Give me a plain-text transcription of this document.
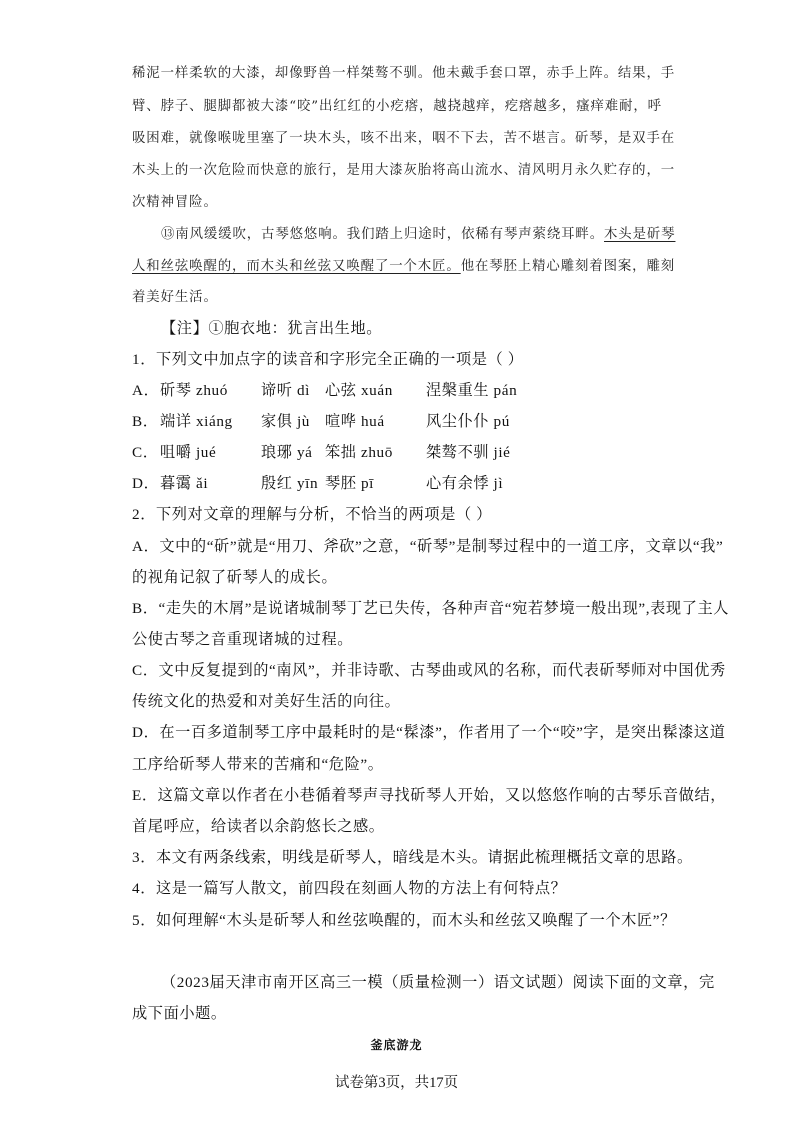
稀泥一样柔软的大漆，却像野兽一样桀骜不驯。他未戴手套口罩，赤手上阵。结果，手
臂、脖子、腿脚都被大漆“咬”出红红的小疙瘩，越挠越痒，疙瘩越多，瘙痒难耐，呼
吸困难，就像喉咙里塞了一块木头，咳不出来，咽不下去，苦不堪言。斫琴，是双手在
木头上的一次危险而快意的旅行，是用大漆灰胎将高山流水、清风明月永久贮存的，一
次精神冒险。
⑬南风缓缓吹，古琴悠悠响。我们踏上归途时，依稀有琴声萦绕耳畔。木头是斫琴
人和丝弦唤醒的，而木头和丝弦又唤醒了一个木匠。他在琴胚上精心雕刻着图案，雕刻
着美好生活。
【注】①胞衣地：犹言出生地。
1．下列文中加点字的读音和字形完全正确的一项是（ ）
A．斫琴 zhuó 谛听 dì 心弦 xuán 涅槃重生 pán
B．端详 xiáng 家俱 jù 喧哗 huá	风尘仆仆 pú
C．咀嚼 jué	琅琊 yá 笨拙 zhuō 桀骜不驯 jié
D．暮霭 ǎi	殷红 yīn 琴胚 pī	心有余悸 jì
2．下列对文章的理解与分析，不恰当的两项是（ ）
A．文中的“斫”就是“用刀、斧砍”之意，“斫琴”是制琴过程中的一道工序，文章以“我”
的视角记叙了斫琴人的成长。
B．“走失的木屑”是说诸城制琴丁艺已失传，各种声音“宛若梦境一般出现”,表现了主人
公使古琴之音重现诸城的过程。
C．文中反复提到的“南风”，并非诗歌、古琴曲或风的名称，而代表斫琴师对中国优秀
传统文化的热爱和对美好生活的向往。
D．在一百多道制琴工序中最耗时的是“髹漆”，作者用了一个“咬”字，是突出髹漆这道
工序给斫琴人带来的苦痛和“危险”。
E．这篇文章以作者在小巷循着琴声寻找斫琴人开始，又以悠悠作响的古琴乐音做结，
首尾呼应，给读者以余韵悠长之感。
3．本文有两条线索，明线是斫琴人，暗线是木头。请据此梳理概括文章的思路。
4．这是一篇写人散文，前四段在刻画人物的方法上有何特点？
5．如何理解“木头是斫琴人和丝弦唤醒的，而木头和丝弦又唤醒了一个木匠”？
（2023届天津市南开区高三一模（质量检测一）语文试题）阅读下面的文章，完
成下面小题。
釜底游龙
试卷第3页，共17页
